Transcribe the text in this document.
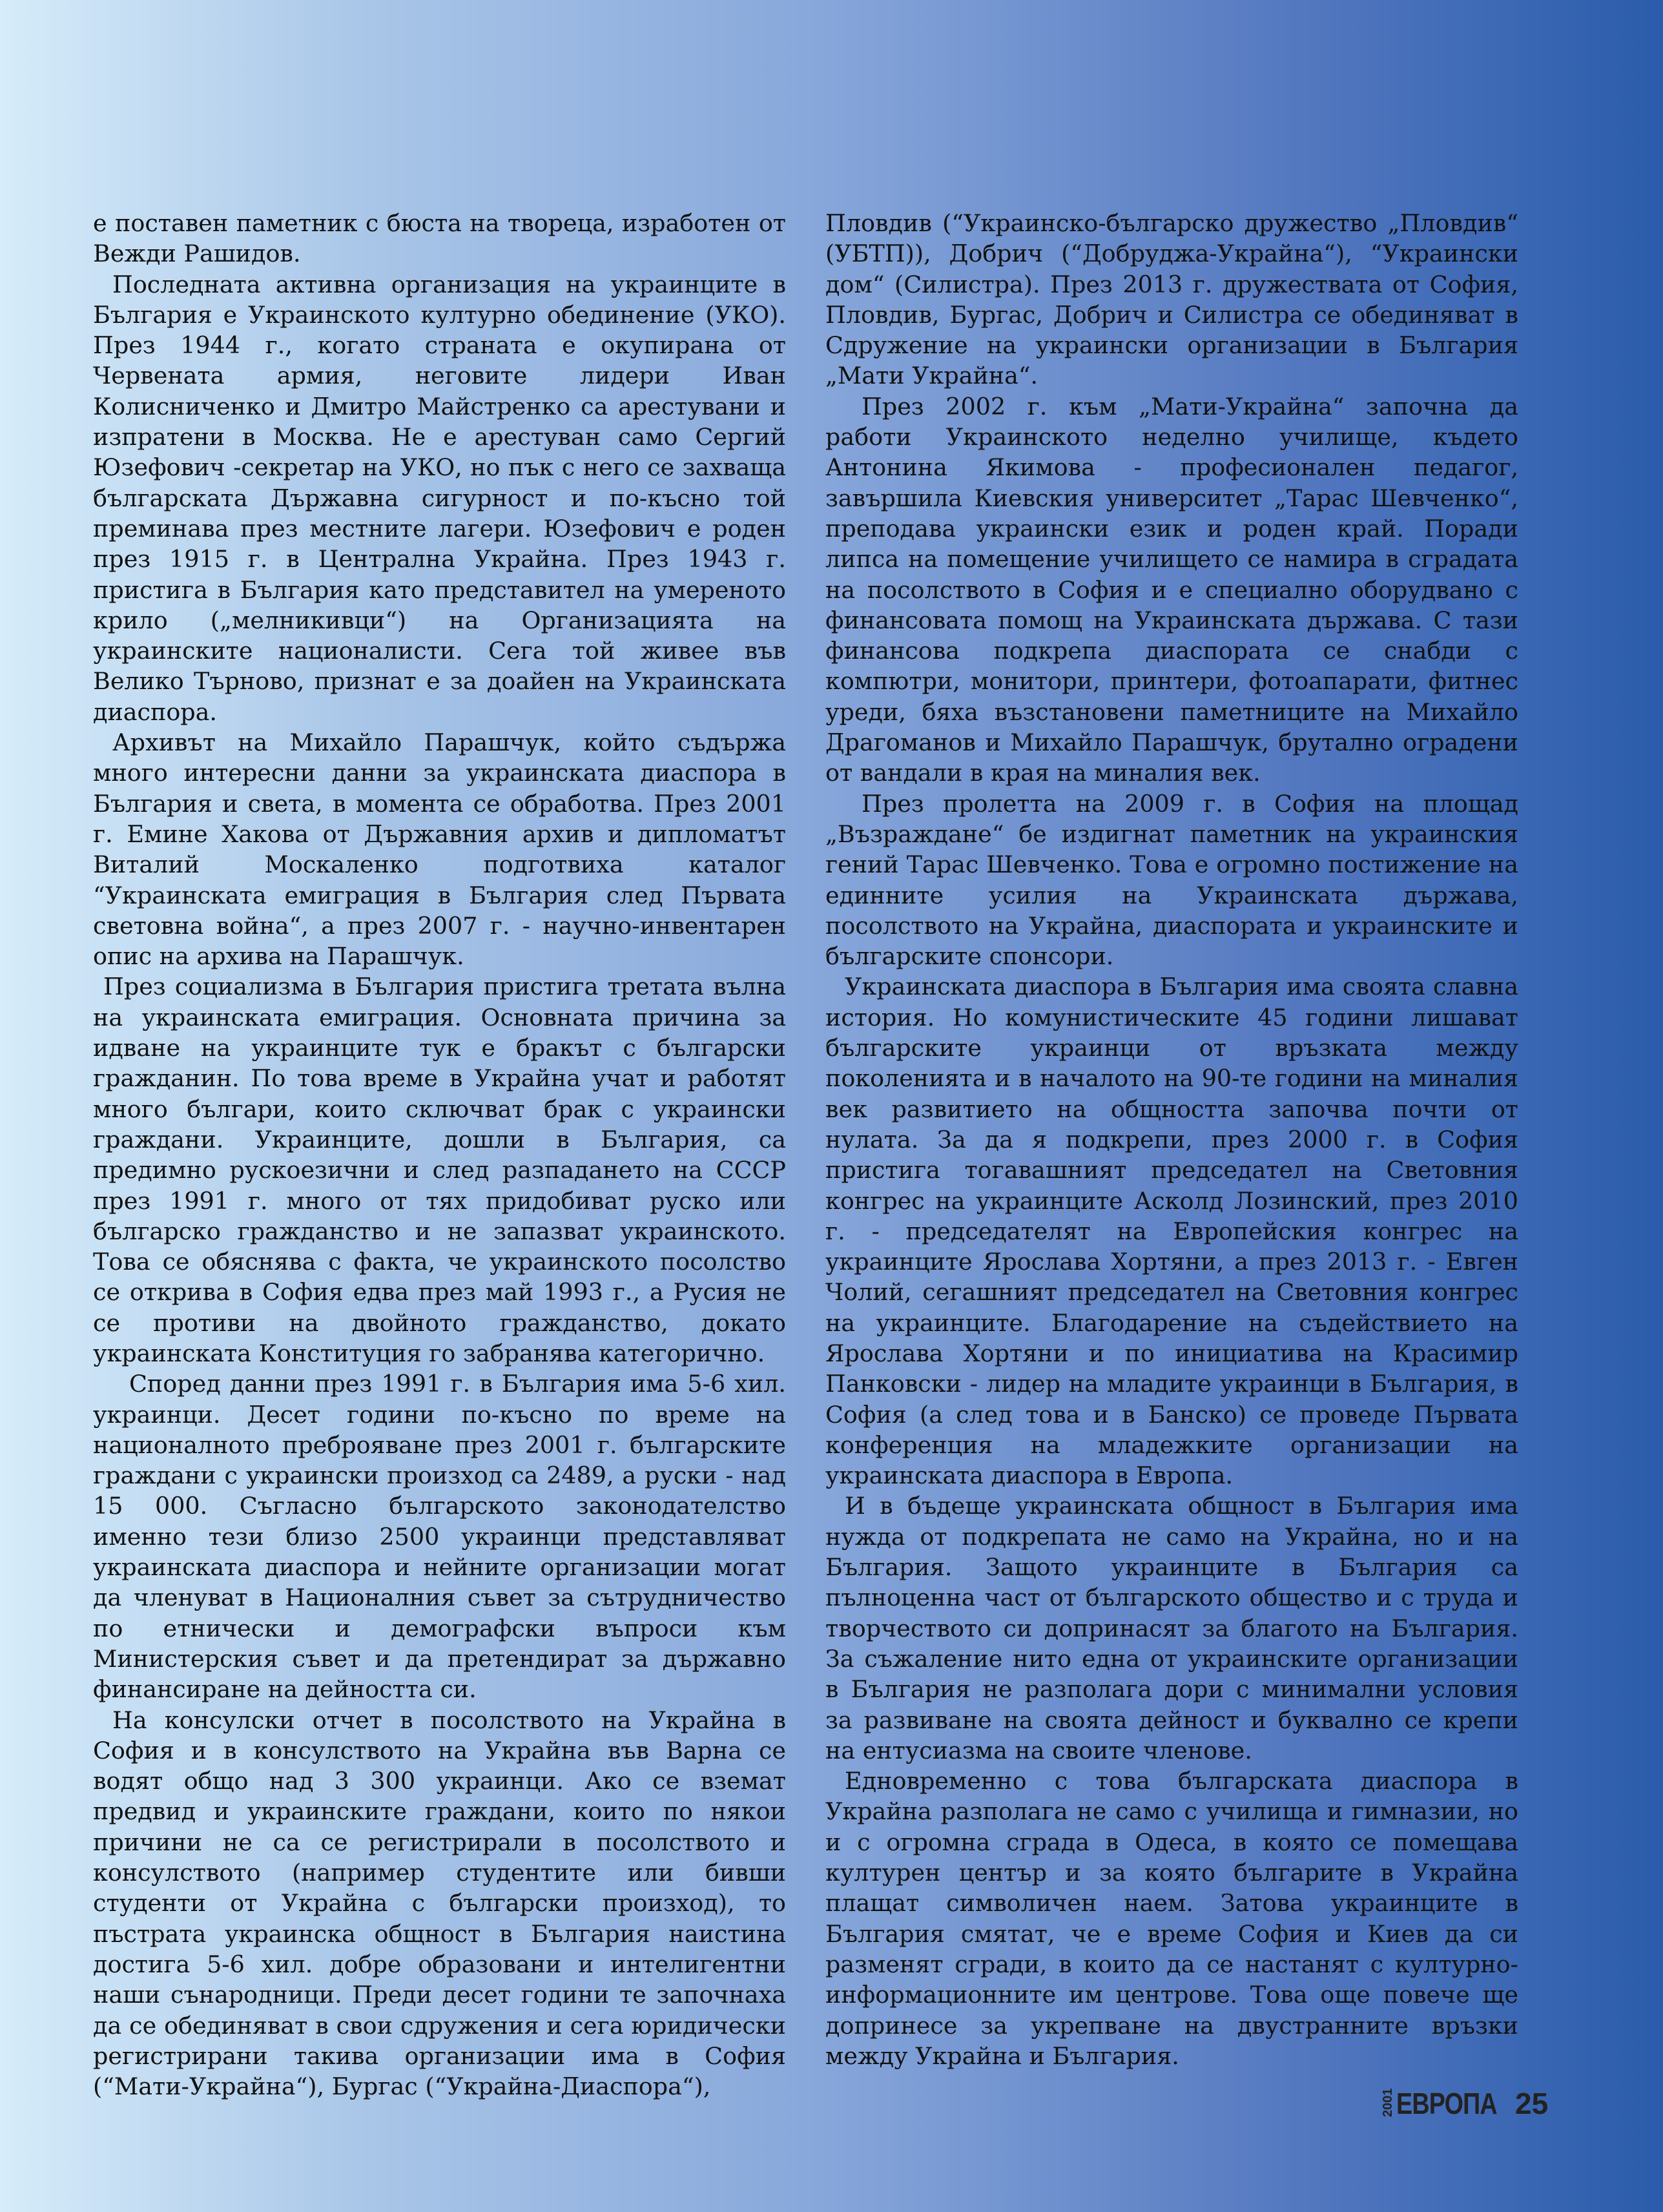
е поставен паметник с бюста на твореца, изработен от Вежди Рашидов.

Последната активна организация на украинците в България е Украинското културно обединение (УКО). През 1944 г., когато страната е окупирана от Червената армия, неговите лидери Иван Колисниченко и Дмитро Майстренко са арестувани и изпратени в Москва. Не е арестуван само Сергий Юзефович -секретар на УКО, но пък с него се захваща българската Държавна сигурност и по-късно той преминава през местните лагери. Юзефович е роден през 1915 г. в Централна Украйна. През 1943 г. пристига в България като представител на умереното крило („мелникивци“) на Организацията на украинските националисти. Сега той живее във Велико Търново, признат е за доайен на Украинската диаспора.

Архивът на Михайло Парашчук, който съдържа много интересни данни за украинската диаспора в България и света, в момента се обработва. През 2001 г. Емине Хакова от Държавния архив и дипломатът Виталий Москаленко подготвиха каталог “Украинската емиграция в България след Първата световна война“, а през 2007 г. - научно-инвентарен опис на архива на Парашчук.

През социализма в България пристига третата вълна на украинската емиграция. Основната причина за идване на украинците тук е бракът с български гражданин. По това време в Украйна учат и работят много българи, които сключват брак с украински граждани. Украинците, дошли в България, са предимно рускоезични и след разпадането на СССР през 1991 г. много от тях придобиват руско или българско гражданство и не запазват украинското. Това се обяснява с факта, че украинското посолство се открива в София едва през май 1993 г., а Русия не се противи на двойното гражданство, докато украинската Конституция го забранява категорично.

Според данни през 1991 г. в България има 5-6 хил. украинци. Десет години по-късно по време на националното преброяване през 2001 г. българските граждани с украински произход са 2489, а руски - над 15 000. Съгласно българското законодателство именно тези близо 2500 украинци представляват украинската диаспора и нейните организации могат да членуват в Националния съвет за сътрудничество по етнически и демографски въпроси към Министерския съвет и да претендират за държавно финансиране на дейността си.

На консулски отчет в посолството на Украйна в София и в консулството на Украйна във Варна се водят общо над 3 300 украинци. Ако се вземат предвид и украинските граждани, които по някои причини не са се регистрирали в посолството и консулството (например студентите или бивши студенти от Украйна с български произход), то пъстрата украинска общност в България наистина достига 5-6 хил. добре образовани и интелигентни наши сънародници. Преди десет години те започнаха да се обединяват в свои сдружения и сега юридически регистрирани такива организации има в София (“Мати-Украйна“), Бургас (“Украйна-Диаспора“),

Пловдив (“Украинско-българско дружество „Пловдив“ (УБТП)), Добрич (“Добруджа-Украйна“), “Украински дом“ (Силистра). През 2013 г. дружествата от София, Пловдив, Бургас, Добрич и Силистра се обединяват в Сдружение на украински организации в България „Мати Украйна“.

През 2002 г. към „Мати-Украйна“ започна да работи Украинското неделно училище, където Антонина Якимова - професионален педагог, завършила Киевския университет „Тарас Шевченко“, преподава украински език и роден край. Поради липса на помещение училището се намира в сградата на посолството в София и е специално оборудвано с финансовата помощ на Украинската държава. С тази финансова подкрепа диаспората се снабди с компютри, монитори, принтери, фотоапарати, фитнес уреди, бяха възстановени паметниците на Михайло Драгоманов и Михайло Парашчук, брутално оградени от вандали в края на миналия век.

През пролетта на 2009 г. в София на площад „Възраждане“ бе издигнат паметник на украинския гений Тарас Шевченко. Това е огромно постижение на единните усилия на Украинската държава, посолството на Украйна, диаспората и украинските и българските спонсори.

Украинската диаспора в България има своята славна история. Но комунистическите 45 години лишават българските украинци от връзката между поколенията и в началото на 90-те години на миналия век развитието на общността започва почти от нулата. За да я подкрепи, през 2000 г. в София пристига тогавашният председател на Световния конгрес на украинците Асколд Лозинский, през 2010 г. - председателят на Европейския конгрес на украинците Ярослава Хортяни, а през 2013 г. - Евген Чолий, сегашният председател на Световния конгрес на украинците. Благодарение на съдействието на Ярослава Хортяни и по инициатива на Красимир Панковски - лидер на младите украинци в България, в София (а след това и в Банско) се проведе Първата конференция на младежките организации на украинската диаспора в Европа.

И в бъдеще украинската общност в България има нужда от подкрепата не само на Украйна, но и на България. Защото украинците в България са пълноценна част от българското общество и с труда и творчеството си допринасят за благото на България. За съжаление нито една от украинските организации в България не разполага дори с минимални условия за развиване на своята дейност и буквално се крепи на ентусиазма на своите членове.

Едновременно с това българската диаспора в Украйна разполага не само с училища и гимназии, но и с огромна сграда в Одеса, в която се помещава културен център и за която българите в Украйна плащат символичен наем. Затова украинците в България смятат, че е време София и Киев да си разменят сгради, в които да се настанят с културно-информационните им центрове. Това още повече ще допринесе за укрепване на двустранните връзки между Украйна и България.

2001 ЕВРОПА 25
